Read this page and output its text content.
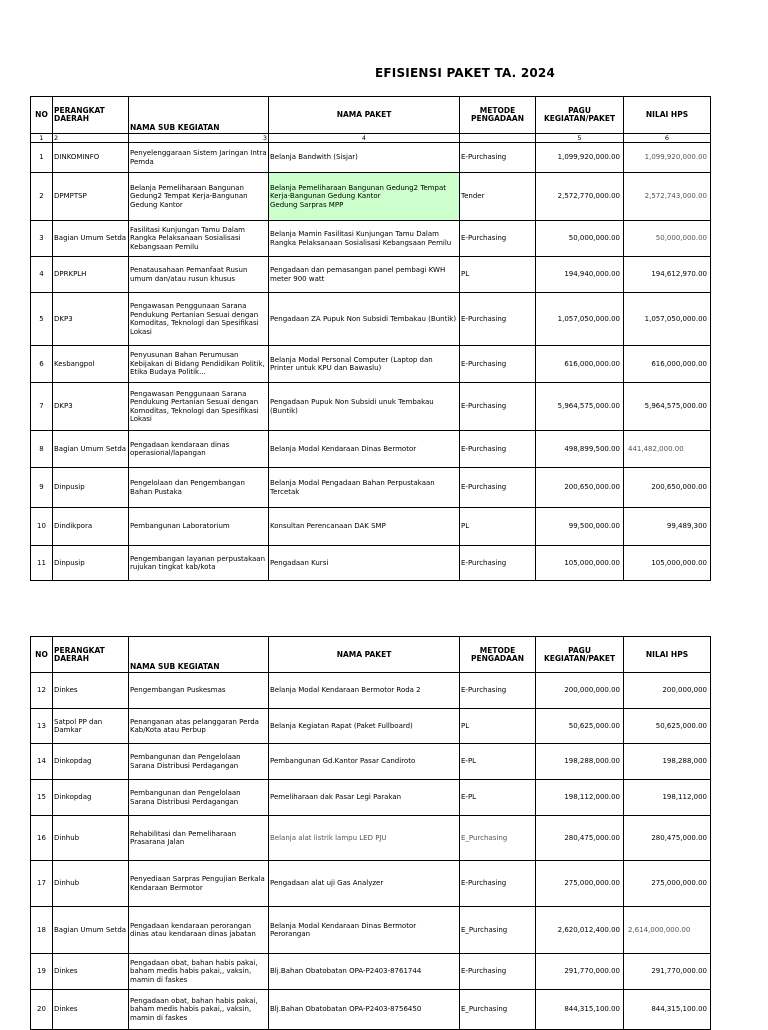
EFISIENSI PAKET TA. 2024
NO	PERANGKAT DAERAH	NAMA SUB KEGIATAN	NAMA PAKET	METODE PENGADAAN	PAGU KEGIATAN/PAKET	NILAI HPS
1	2	3	4		5	6
1	DINKOMINFO	Penyelenggaraan Sistem Jaringan Intra Pemda	Belanja Bandwith (Sisjar)	E-Purchasing	1,099,920,000.00	1,099,920,000.00
2	DPMPTSP	Belanja Pemeliharaan Bangunan Gedung2 Tempat Kerja-Bangunan Gedung Kantor	Belanja Pemeliharaan Bangunan Gedung2 Tempat Kerja-Bangunan Gedung Kantor
Gedung Sarpras MPP	Tender	2,572,770,000.00	2,572,743,000.00
3	Bagian Umum Setda	Fasilitasi Kunjungan Tamu Dalam Rangka Pelaksanaan Sosialisasi Kebangsaan Pemilu	Belanja Mamin Fasilitasi Kunjungan Tamu Dalam Rangka Pelaksanaan Sosialisasi Kebangsaan Pemilu	E-Purchasing	50,000,000.00	50,000,000.00
4	DPRKPLH	Penatausahaan Pemanfaat Rusun umum dan/atau rusun khusus	Pengadaan dan pemasangan panel pembagi KWH meter 900 watt	PL	194,940,000.00	194,612,970.00
5	DKP3	Pengawasan Penggunaan Sarana Pendukung Pertanian Sesuai dengan Komoditas, Teknologi dan Spesifikasi Lokasi	Pengadaan ZA Pupuk Non Subsidi Tembakau (Buntik)	E-Purchasing	1,057,050,000.00	1,057,050,000.00
6	Kesbangpol	Penyusunan Bahan Perumusan Kebijakan di Bidang Pendidikan Politik, Etika Budaya Politik...	Belanja Modal Personal Computer (Laptop dan Printer untuk KPU dan Bawaslu)	E-Purchasing	616,000,000.00	616,000,000.00
7	DKP3	Pengawasan Penggunaan Sarana Pendukung Pertanian Sesuai dengan Komoditas, Teknologi dan Spesifikasi Lokasi	Pengadaan Pupuk Non Subsidi unuk Tembakau (Buntik)	E-Purchasing	5,964,575,000.00	5,964,575,000.00
8	Bagian Umum Setda	Pengadaan kendaraan dinas operasional/lapangan	Belanja Modal Kendaraan Dinas Bermotor	E-Purchasing	498,899,500.00	441,482,000.00
9	Dinpusip	Pengelolaan dan Pengembangan Bahan Pustaka	Belanja Modal Pengadaan Bahan Perpustakaan Tercetak	E-Purchasing	200,650,000.00	200,650,000.00
10	Dindikpora	Pembangunan Laboratorium	Konsultan Perencanaan DAK SMP	PL	99,500,000.00	99,489,300
11	Dinpusip	Pengembangan layanan perpustakaan rujukan tingkat kab/kota	Pengadaan Kursi	E-Purchasing	105,000,000.00	105,000,000.00
NO	PERANGKAT DAERAH	NAMA SUB KEGIATAN	NAMA PAKET	METODE PENGADAAN	PAGU KEGIATAN/PAKET	NILAI HPS
12	Dinkes	Pengembangan Puskesmas	Belanja Modal Kendaraan Bermotor Roda 2	E-Purchasing	200,000,000.00	200,000,000
13	Satpol PP dan Damkar	Penanganan atas pelanggaran Perda Kab/Kota atau Perbup	Belanja Kegiatan Rapat (Paket Fullboard)	PL	50,625,000.00	50,625,000.00
14	Dinkopdag	Pembangunan dan Pengelolaan Sarana Distribusi Perdagangan	Pembangunan Gd.Kantor Pasar Candiroto	E-PL	198,288,000.00	198,288,000
15	Dinkopdag	Pembangunan dan Pengelolaan Sarana Distribusi Perdagangan	Pemeliharaan dak Pasar Legi Parakan	E-PL	198,112,000.00	198,112,000
16	Dinhub	Rehabilitasi dan Pemeliharaan Prasarana Jalan	Belanja alat listrik lampu LED PJU	E_Purchasing	280,475,000.00	280,475,000.00
17	Dinhub	Penyediaan Sarpras Pengujian Berkala Kendaraan Bermotor	Pengadaan alat uji Gas Analyzer	E-Purchasing	275,000,000.00	275,000,000.00
18	Bagian Umum Setda	Pengadaan kendaraan perorangan dinas atau kendaraan dinas jabatan	Belanja Modal Kendaraan Dinas Bermotor Perorangan	E_Purchasing	2,620,012,400.00	2,614,000,000.00
19	Dinkes	Pengadaan obat, bahan habis pakai, baham medis habis pakai,, vaksin, mamin di faskes	Blj.Bahan Obatobatan OPA-P2403-8761744	E-Purchasing	291,770,000.00	291,770,000.00
20	Dinkes	Pengadaan obat, bahan habis pakai, baham medis habis pakai,, vaksin, mamin di faskes	Blj.Bahan Obatobatan OPA-P2403-8756450	E_Purchasing	844,315,100.00	844,315,100.00
